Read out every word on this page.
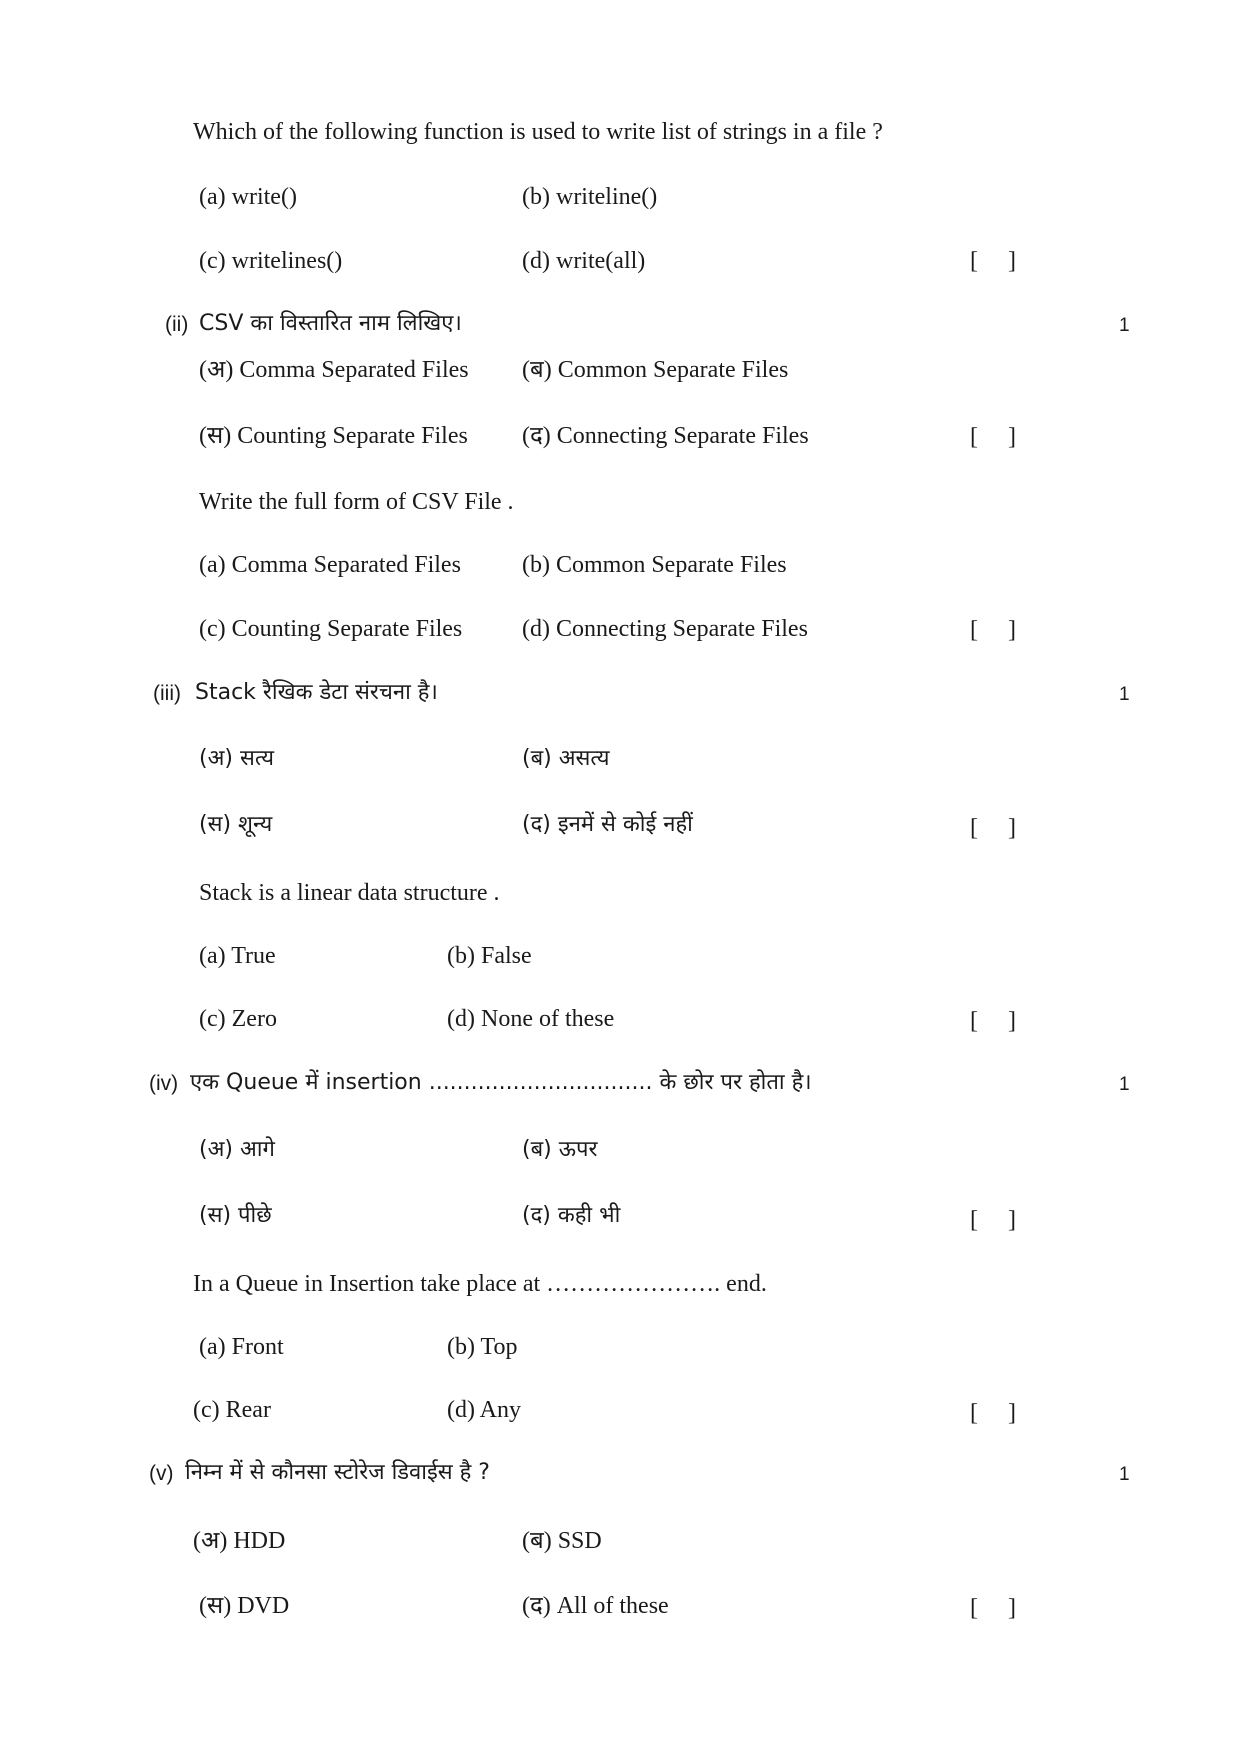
Which of the following function is used to write list of strings in a file ?
(a) write()	(b) writeline()
(c) writelines()	(d) write(all)	[     ]
(ii) CSV का विस्तारित नाम लिखिए।	1
(अ) Comma Separated Files (ब) Common Separate Files
(स) Counting Separate Files (द) Connecting Separate Files	[     ]
Write the full form of CSV File .
(a) Comma Separated Files	(b) Common Separate Files
(c) Counting Separate Files (d) Connecting Separate Files	[     ]
(iii) Stack रैखिक डेटा संरचना है।	1
(अ) सत्य	(ब) असत्य
(स) शून्य	(द) इनमें से कोई नहीं	[     ]
Stack is a linear data structure .
(a) True	(b) False
(c) Zero	(d) None of these	[     ]
(iv) एक Queue में insertion ................................ के छोर पर होता है।	1
(अ) आगे	(ब) ऊपर
(स) पीछे	(द) कही भी	[     ]
In a Queue in Insertion take place at …………………. end.
(a) Front	(b) Top
(c) Rear	(d) Any	[     ]
(v) निम्न में से कौनसा स्टोरेज डिवाईस है ?	1
(अ) HDD	(ब) SSD
(स) DVD	(द) All of these	[     ]
